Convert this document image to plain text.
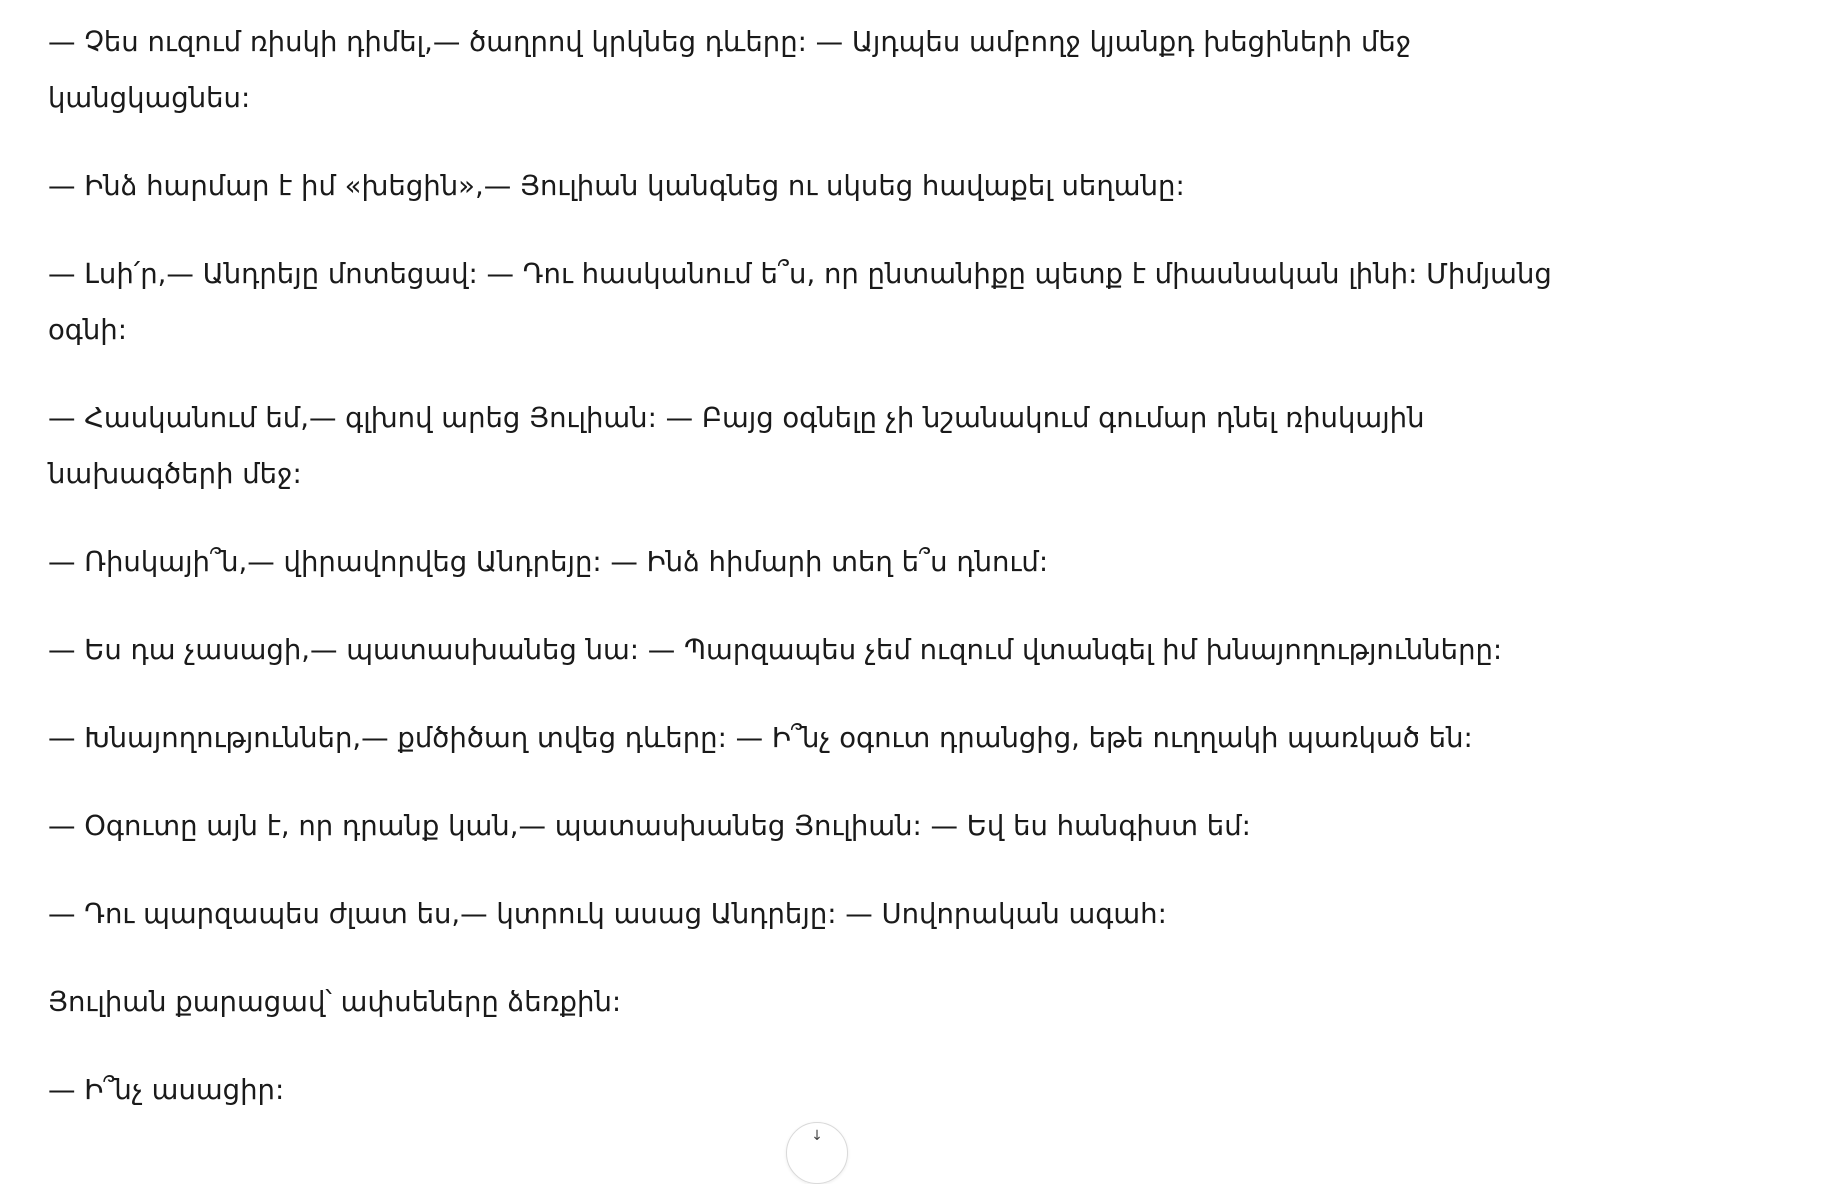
— Չես ուզում ռիսկի դիմել,— ծաղրով կրկնեց դևերը: — Այդպես ամբողջ կյանքդ խեցիների մեջ կանցկացնես:

— Ինձ հարմար է իմ «խեցին»,— Յուլիան կանգնեց ու սկսեց հավաքել սեղանը:

— Լսի՛ր,— Անդրեյը մոտեցավ: — Դու հասկանում ե՞ս, որ ընտանիքը պետք է միասնական լինի: Միմյանց օգնի:

— Հասկանում եմ,— գլխով արեց Յուլիան: — Բայց օգնելը չի նշանակում գումար դնել ռիսկային նախագծերի մեջ:

— Ռիսկայի՞ն,— վիրավորվեց Անդրեյը: — Ինձ հիմարի տեղ ե՞ս դնում:

— Ես դա չասացի,— պատասխանեց նա: — Պարզապես չեմ ուզում վտանգել իմ խնայողությունները:

— Խնայողություններ,— քմծիծաղ տվեց դևերը: — Ի՞նչ օգուտ դրանցից, եթե ուղղակի պառկած են:

— Օգուտը այն է, որ դրանք կան,— պատասխանեց Յուլիան: — Եվ ես հանգիստ եմ:

— Դու պարզապես ժլատ ես,— կտրուկ ասաց Անդրեյը: — Սովորական ագահ:

Յուլիան քարացավ՝ ափսեները ձեռքին:

— Ի՞նչ ասացիր:

↓
